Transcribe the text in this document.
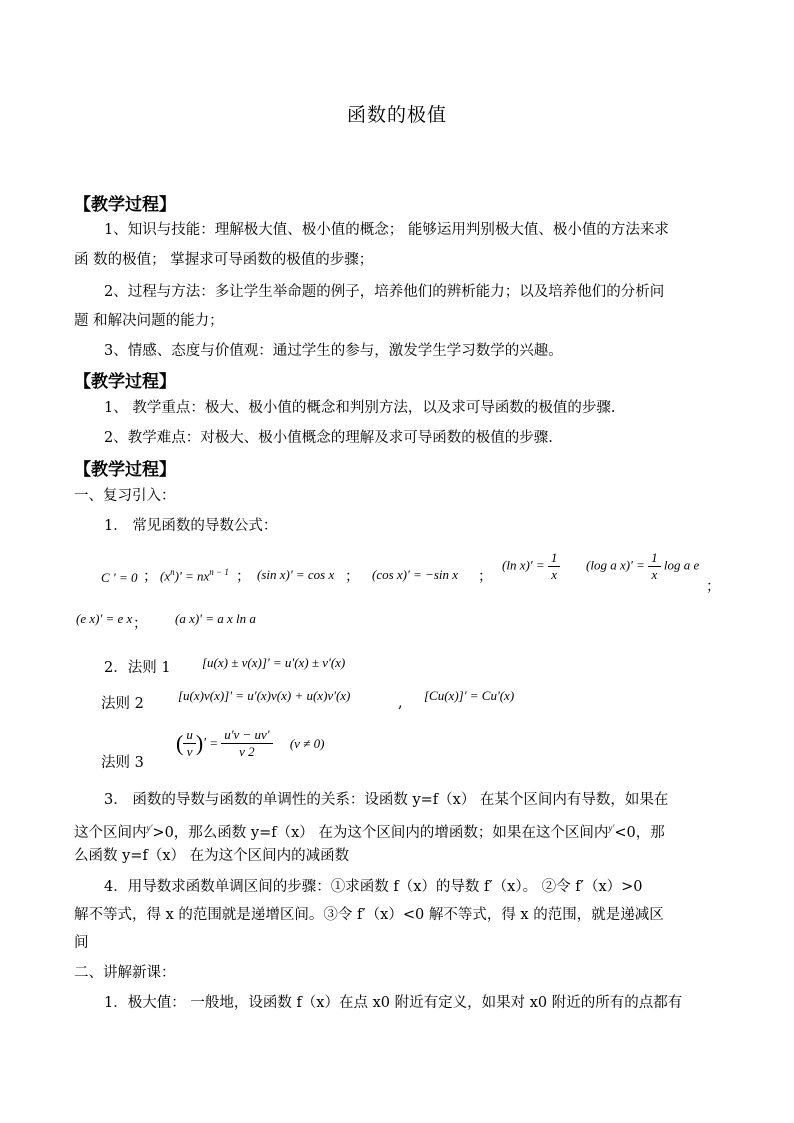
函数的极值
【教学过程】
1、知识与技能：理解极大值、极小值的概念； 能够运用判别极大值、极小值的方法来求
函 数的极值； 掌握求可导函数的极值的步骤；
2、过程与方法：多让学生举命题的例子，培养他们的辨析能力；以及培养他们的分析问
题 和解决问题的能力；
3、情感、态度与价值观：通过学生的参与，激发学生学习数学的兴趣。
【教学过程】
1、 教学重点：极大、极小值的概念和判别方法，以及求可导函数的极值的步骤.
2、教学难点：对极大、极小值概念的理解及求可导函数的极值的步骤.
【教学过程】
一、复习引入：
1． 常见函数的导数公式：
C ' = 0 ； $(x^n)' = nx^{n - 1}$ ； (sin x)' = cos x ； (cos x)' = −sin x ；
(ln $x)' = \frac{1}{x} (\log$ a $x)' = \frac{1}{x}$ log a e
；
(e x)' = e x ； (a x)' = a x ln a
2．法则 1 [u(x) ± v(x)]' = u'(x) ± v'(x)
法则 2
[u(x)v(x)]' = u'(x)v(x) + u(x)v'(x)	, [Cu(x)]' = Cu'(x)
( $\frac{u}{v}$ )' = $\frac{u'v - uv'}{v 2} (v \ne 0)$
法则 3
3． 函数的导数与函数的单调性的关系：设函数 y=f（x） 在某个区间内有导数，如果在
这个区间内$^{y'}$>0，那么函数 y=f（x） 在为这个区间内的增函数；如果在这个区间内$^{y'}$<0，那
么函数 y=f（x） 在为这个区间内的减函数
4．用导数求函数单调区间的步骤：①求函数 f（x）的导数 f′（x）。 ②令 f′（x）>0
解不等式，得 x 的范围就是递增区间。③令 f′（x）<0 解不等式，得 x 的范围，就是递减区
间
二、讲解新课：
1．极大值： 一般地，设函数 f（x）在点 x0 附近有定义，如果对 x0 附近的所有的点都有
